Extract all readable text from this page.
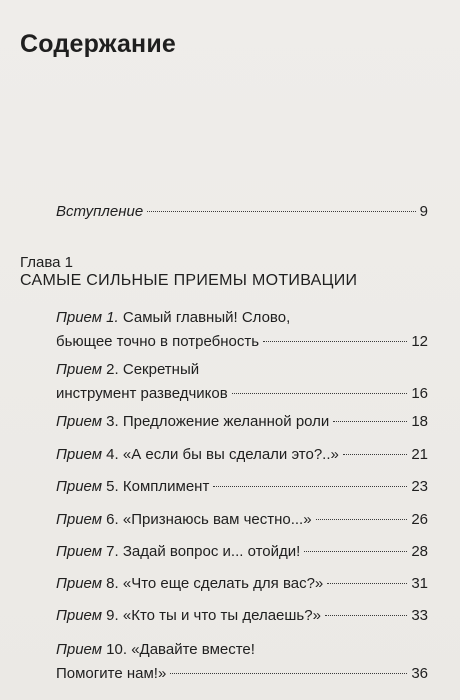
Содержание
Вступление	9
Глава 1
САМЫЕ СИЛЬНЫЕ ПРИЕМЫ МОТИВАЦИИ
Прием 1. Самый главный! Слово,
бьющее точно в потребность	12
Прием 2. Секретный
инструмент разведчиков	16
Прием 3. Предложение желанной роли	18
Прием 4. «А если бы вы сделали это?..»	21
Прием 5. Комплимент	23
Прием 6. «Признаюсь вам честно...»	26
Прием 7. Задай вопрос и... отойди!	28
Прием 8. «Что еще сделать для вас?»	31
Прием 9. «Кто ты и что ты делаешь?»	33
Прием 10. «Давайте вместе!
Помогите нам!»	36
